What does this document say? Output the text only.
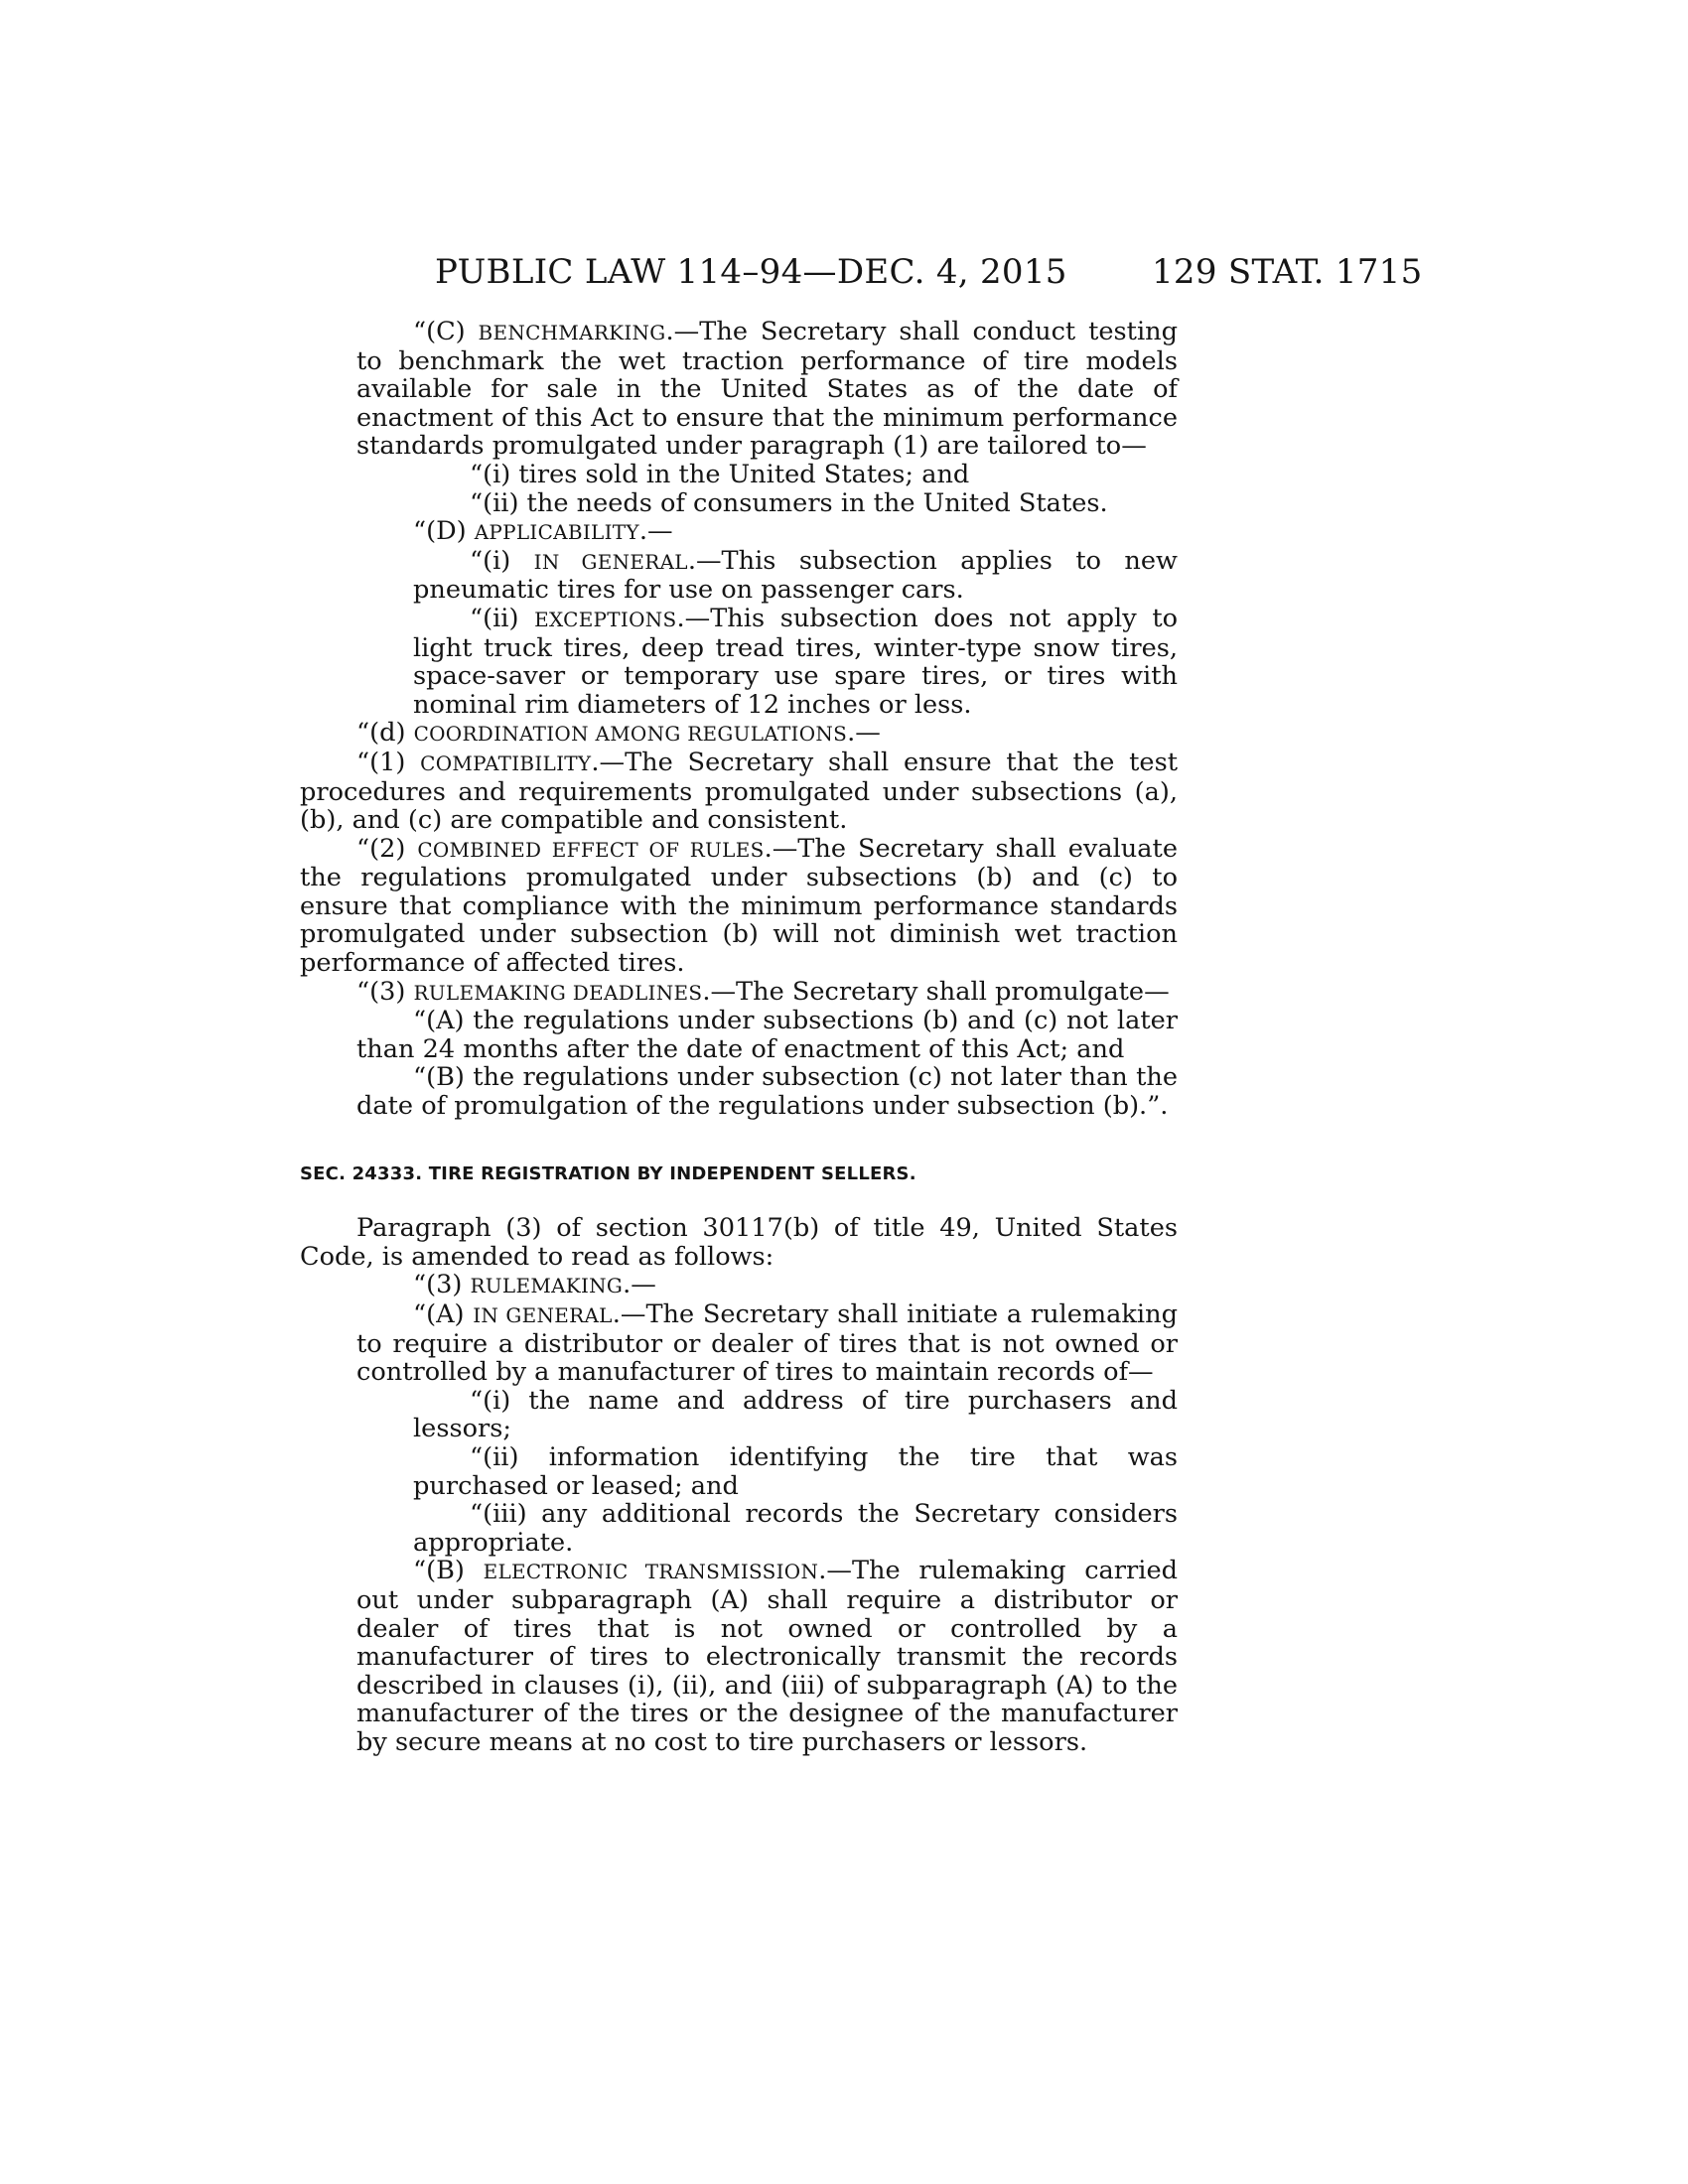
PUBLIC LAW 114–94—DEC. 4, 2015	129 STAT. 1715

“(C) BENCHMARKING.—The Secretary shall conduct testing to benchmark the wet traction performance of tire models available for sale in the United States as of the date of enactment of this Act to ensure that the minimum performance standards promulgated under paragraph (1) are tailored to—

“(i) tires sold in the United States; and

“(ii) the needs of consumers in the United States.

“(D) APPLICABILITY.—

“(i) IN GENERAL.—This subsection applies to new pneumatic tires for use on passenger cars.

“(ii) EXCEPTIONS.—This subsection does not apply to light truck tires, deep tread tires, winter-type snow tires, space-saver or temporary use spare tires, or tires with nominal rim diameters of 12 inches or less.

“(d) COORDINATION AMONG REGULATIONS.—

“(1) COMPATIBILITY.—The Secretary shall ensure that the test procedures and requirements promulgated under subsections (a), (b), and (c) are compatible and consistent.

“(2) COMBINED EFFECT OF RULES.—The Secretary shall evaluate the regulations promulgated under subsections (b) and (c) to ensure that compliance with the minimum performance standards promulgated under subsection (b) will not diminish wet traction performance of affected tires.

“(3) RULEMAKING DEADLINES.—The Secretary shall promulgate—

“(A) the regulations under subsections (b) and (c) not later than 24 months after the date of enactment of this Act; and

“(B) the regulations under subsection (c) not later than the date of promulgation of the regulations under subsection (b).”.

SEC. 24333. TIRE REGISTRATION BY INDEPENDENT SELLERS.

Paragraph (3) of section 30117(b) of title 49, United States Code, is amended to read as follows:

“(3) RULEMAKING.—

“(A) IN GENERAL.—The Secretary shall initiate a rulemaking to require a distributor or dealer of tires that is not owned or controlled by a manufacturer of tires to maintain records of—

“(i) the name and address of tire purchasers and lessors;

“(ii) information identifying the tire that was purchased or leased; and

“(iii) any additional records the Secretary considers appropriate.

“(B) ELECTRONIC TRANSMISSION.—The rulemaking carried out under subparagraph (A) shall require a distributor or dealer of tires that is not owned or controlled by a manufacturer of tires to electronically transmit the records described in clauses (i), (ii), and (iii) of subparagraph (A) to the manufacturer of the tires or the designee of the manufacturer by secure means at no cost to tire purchasers or lessors.
